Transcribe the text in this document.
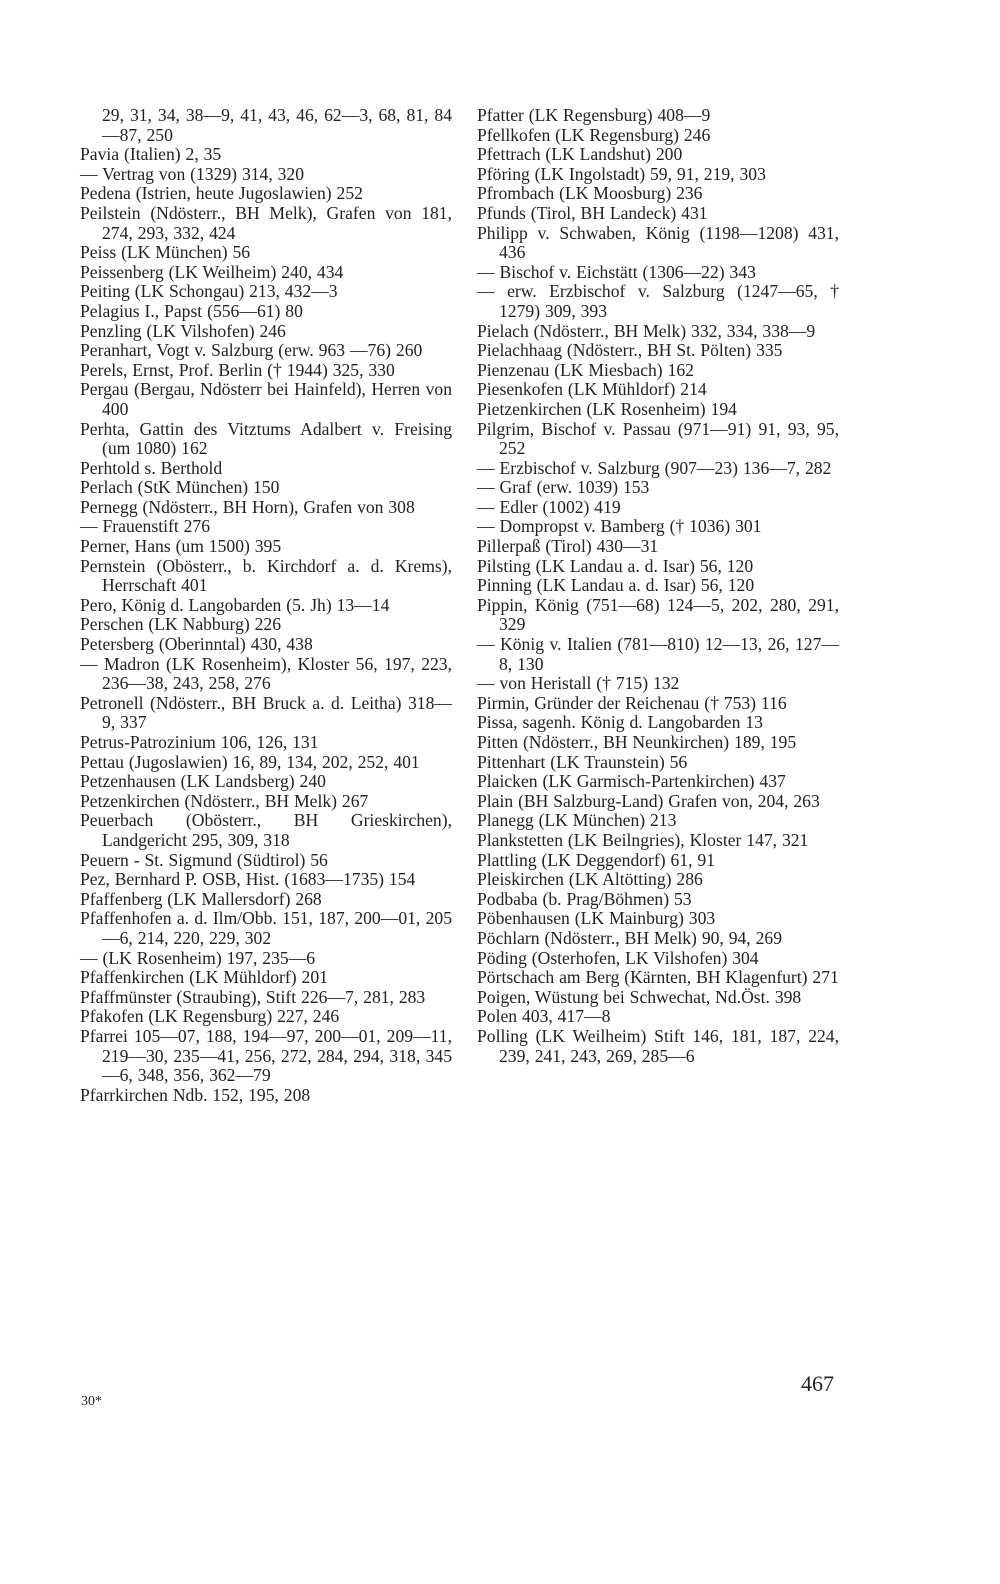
29, 31, 34, 38—9, 41, 43, 46, 62—3, 68, 81, 84—87, 250
Pavia (Italien) 2, 35
— Vertrag von (1329) 314, 320
Pedena (Istrien, heute Jugoslawien) 252
Peilstein (Ndösterr., BH Melk), Grafen von 181, 274, 293, 332, 424
Peiss (LK München) 56
Peissenberg (LK Weilheim) 240, 434
Peiting (LK Schongau) 213, 432—3
Pelagius I., Papst (556—61) 80
Penzling (LK Vilshofen) 246
Peranhart, Vogt v. Salzburg (erw. 963 —76) 260
Perels, Ernst, Prof. Berlin († 1944) 325, 330
Pergau (Bergau, Ndösterr bei Hainfeld), Herren von 400
Perhta, Gattin des Vitztums Adalbert v. Freising (um 1080) 162
Perhtold s. Berthold
Perlach (StK München) 150
Pernegg (Ndösterr., BH Horn), Grafen von 308
— Frauenstift 276
Perner, Hans (um 1500) 395
Pernstein (Obösterr., b. Kirchdorf a. d. Krems), Herrschaft 401
Pero, König d. Langobarden (5. Jh) 13—14
Perschen (LK Nabburg) 226
Petersberg (Oberinntal) 430, 438
— Madron (LK Rosenheim), Kloster 56, 197, 223, 236—38, 243, 258, 276
Petronell (Ndösterr., BH Bruck a. d. Leitha) 318—9, 337
Petrus-Patrozinium 106, 126, 131
Pettau (Jugoslawien) 16, 89, 134, 202, 252, 401
Petzenhausen (LK Landsberg) 240
Petzenkirchen (Ndösterr., BH Melk) 267
Peuerbach (Obösterr., BH Grieskirchen), Landgericht 295, 309, 318
Peuern - St. Sigmund (Südtirol) 56
Pez, Bernhard P. OSB, Hist. (1683—1735) 154
Pfaffenberg (LK Mallersdorf) 268
Pfaffenhofen a. d. Ilm/Obb. 151, 187, 200—01, 205—6, 214, 220, 229, 302
— (LK Rosenheim) 197, 235—6
Pfaffenkirchen (LK Mühldorf) 201
Pfaffmünster (Straubing), Stift 226—7, 281, 283
Pfakofen (LK Regensburg) 227, 246
Pfarrei 105—07, 188, 194—97, 200—01, 209—11, 219—30, 235—41, 256, 272, 284, 294, 318, 345—6, 348, 356, 362—79
Pfarrkirchen Ndb. 152, 195, 208
Pfatter (LK Regensburg) 408—9
Pfellkofen (LK Regensburg) 246
Pfettrach (LK Landshut) 200
Pföring (LK Ingolstadt) 59, 91, 219, 303
Pfrombach (LK Moosburg) 236
Pfunds (Tirol, BH Landeck) 431
Philipp v. Schwaben, König (1198—1208) 431, 436
— Bischof v. Eichstätt (1306—22) 343
— erw. Erzbischof v. Salzburg (1247—65, † 1279) 309, 393
Pielach (Ndösterr., BH Melk) 332, 334, 338—9
Pielachhaag (Ndösterr., BH St. Pölten) 335
Pienzenau (LK Miesbach) 162
Piesenkofen (LK Mühldorf) 214
Pietzenkirchen (LK Rosenheim) 194
Pilgrim, Bischof v. Passau (971—91) 91, 93, 95, 252
— Erzbischof v. Salzburg (907—23) 136—7, 282
— Graf (erw. 1039) 153
— Edler (1002) 419
— Dompropst v. Bamberg († 1036) 301
Pillerpaß (Tirol) 430—31
Pilsting (LK Landau a. d. Isar) 56, 120
Pinning (LK Landau a. d. Isar) 56, 120
Pippin, König (751—68) 124—5, 202, 280, 291, 329
— König v. Italien (781—810) 12—13, 26, 127—8, 130
— von Heristall († 715) 132
Pirmin, Gründer der Reichenau († 753) 116
Pissa, sagenh. König d. Langobarden 13
Pitten (Ndösterr., BH Neunkirchen) 189, 195
Pittenhart (LK Traunstein) 56
Plaicken (LK Garmisch-Partenkirchen) 437
Plain (BH Salzburg-Land) Grafen von, 204, 263
Planegg (LK München) 213
Plankstetten (LK Beilngries), Kloster 147, 321
Plattling (LK Deggendorf) 61, 91
Pleiskirchen (LK Altötting) 286
Podbaba (b. Prag/Böhmen) 53
Pöbenhausen (LK Mainburg) 303
Pöchlarn (Ndösterr., BH Melk) 90, 94, 269
Pöding (Osterhofen, LK Vilshofen) 304
Pörtschach am Berg (Kärnten, BH Klagenfurt) 271
Poigen, Wüstung bei Schwechat, Nd.Öst. 398
Polen 403, 417—8
Polling (LK Weilheim) Stift 146, 181, 187, 224, 239, 241, 243, 269, 285—6
30*
467
